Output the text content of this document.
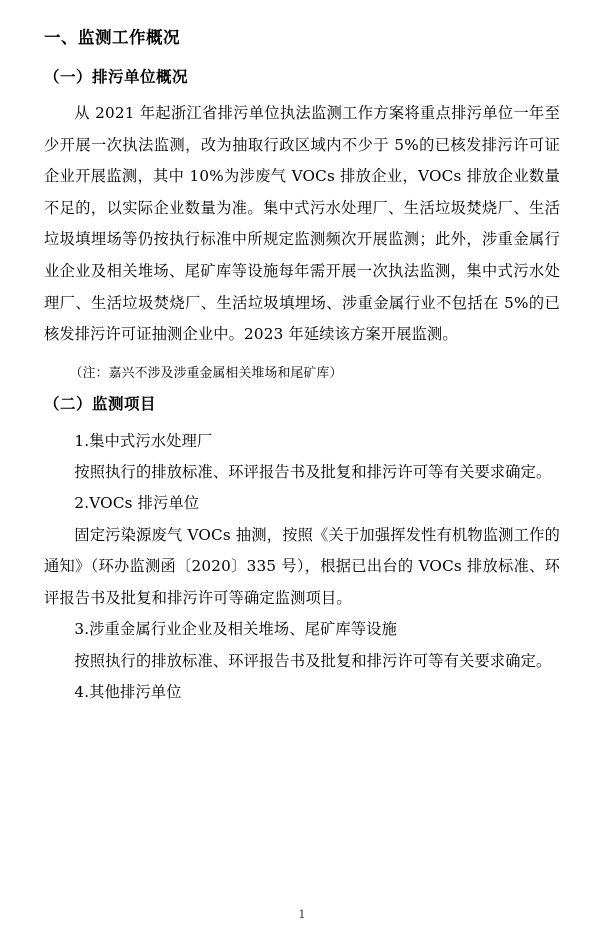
一、监测工作概况
（一）排污单位概况

从 2021 年起浙江省排污单位执法监测工作方案将重点排污单位一年至少开展一次执法监测，改为抽取行政区域内不少于 5%的已核发排污许可证企业开展监测，其中 10%为涉废气 VOCs 排放企业，VOCs 排放企业数量不足的，以实际企业数量为准。集中式污水处理厂、生活垃圾焚烧厂、生活垃圾填埋场等仍按执行标准中所规定监测频次开展监测；此外，涉重金属行业企业及相关堆场、尾矿库等设施每年需开展一次执法监测，集中式污水处理厂、生活垃圾焚烧厂、生活垃圾填埋场、涉重金属行业不包括在 5%的已核发排污许可证抽测企业中。2023 年延续该方案开展监测。

（注：嘉兴不涉及涉重金属相关堆场和尾矿库）

（二）监测项目

1.集中式污水处理厂

按照执行的排放标准、环评报告书及批复和排污许可等有关要求确定。

2.VOCs 排污单位

固定污染源废气 VOCs 抽测，按照《关于加强挥发性有机物监测工作的通知》（环办监测函〔2020〕335 号），根据已出台的 VOCs 排放标准、环评报告书及批复和排污许可等确定监测项目。

3.涉重金属行业企业及相关堆场、尾矿库等设施

按照执行的排放标准、环评报告书及批复和排污许可等有关要求确定。

4.其他排污单位

1
